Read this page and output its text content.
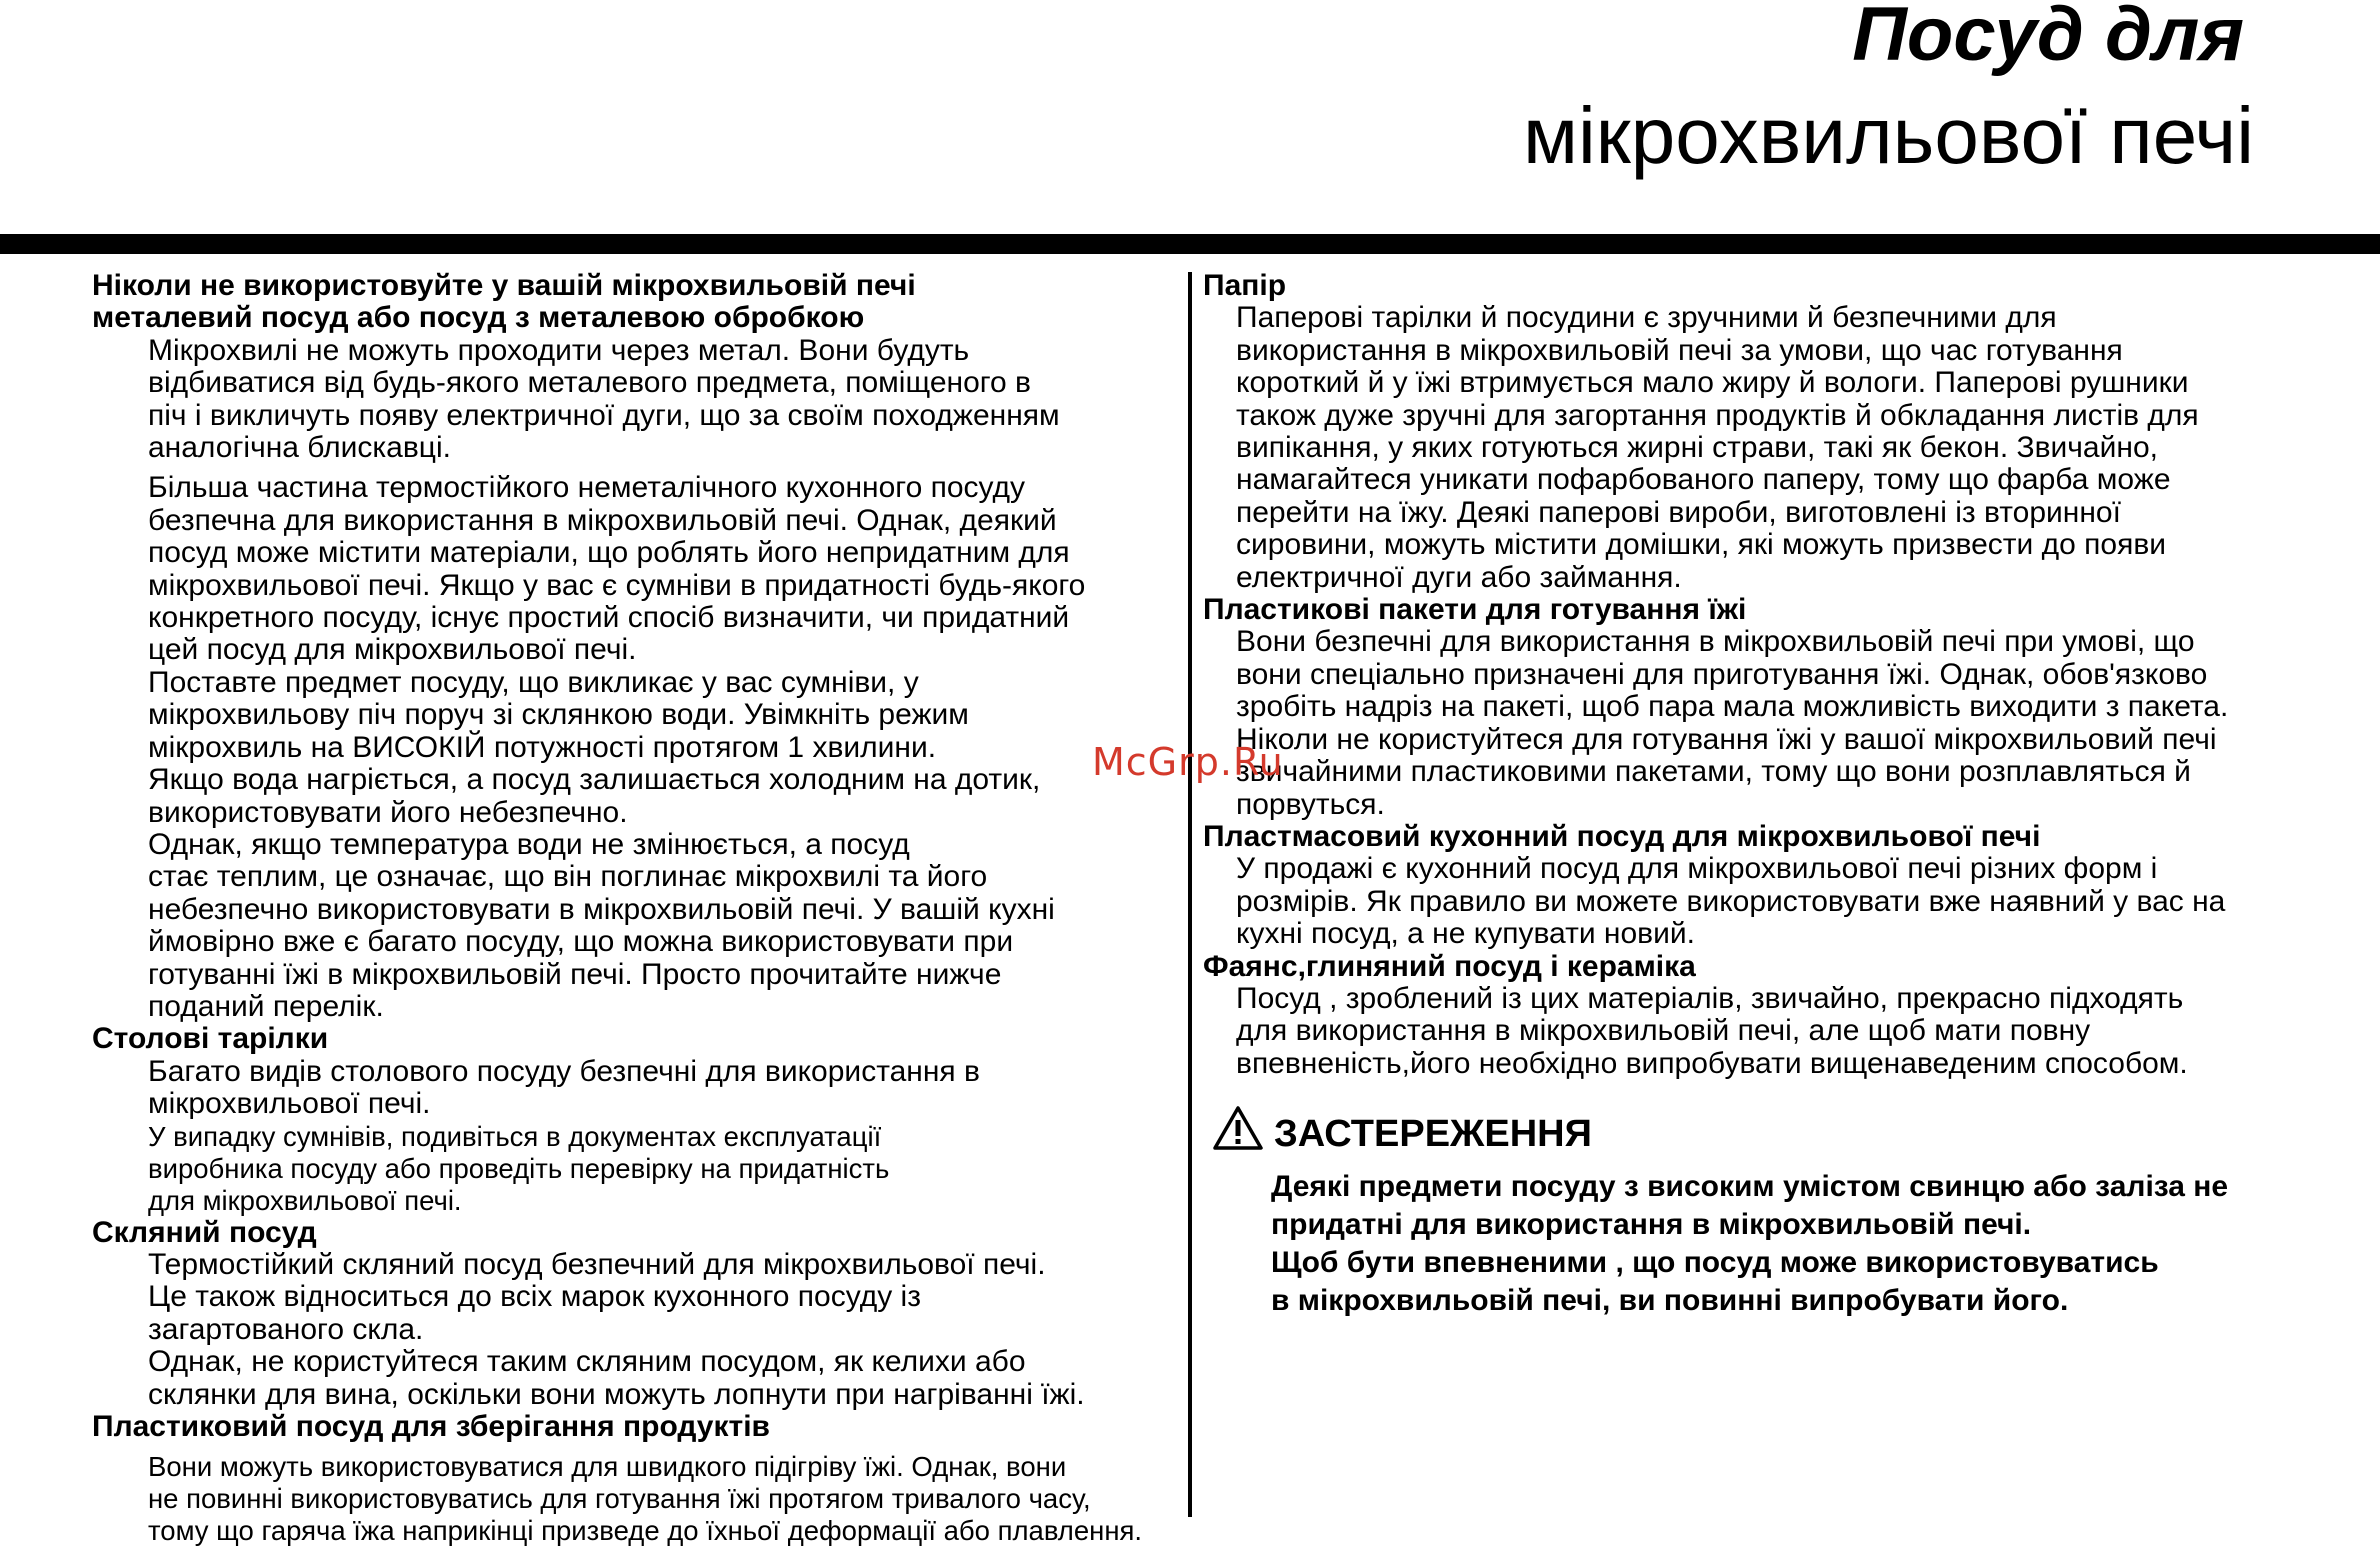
Посуд для
мікрохвильової печі
Ніколи не використовуйте у вашій мікрохвильовій печі
металевий посуд або посуд з металевою обробкою
Мікрохвилі не можуть проходити через метал. Вони будуть
відбиватися від будь-якого металевого предмета, поміщеного в
піч і викличуть появу електричної дуги, що за своїм походженням
аналогічна блискавці.
Більша частина термостійкого неметалічного кухонного посуду
безпечна для використання в мікрохвильовій печі. Однак, деякий
посуд може містити матеріали, що роблять його непридатним для
мікрохвильової печі. Якщо у вас є сумніви в придатності будь-якого
конкретного посуду, існує простий спосіб визначити, чи придатний
цей посуд для мікрохвильової печі.
Поставте предмет посуду, що викликає у вас сумніви, у
мікрохвильову піч поруч зі склянкою води. Увімкніть режим
мікрохвиль на ВИСОКІЙ потужності протягом 1 хвилини.
Якщо вода нагріється, а посуд залишається холодним на дотик,
використовувати його небезпечно.
Однак, якщо температура води не змінюється, а посуд
стає теплим, це означає, що він поглинає мікрохвилі та його
небезпечно використовувати в мікрохвильовій печі. У вашій кухні
ймовірно вже є багато посуду, що можна використовувати при
готуванні їжі в мікрохвильовій печі. Просто прочитайте нижче
поданий перелік.
Столові тарілки
Багато видів столового посуду безпечні для використання в
мікрохвильової печі.
У випадку сумнівів, подивіться в документах експлуатації
виробника посуду або проведіть перевірку на придатність
для мікрохвильової печі.
Скляний посуд
Термостійкий скляний посуд безпечний для мікрохвильової печі.
Це також відноситься до всіх марок кухонного посуду із
загартованого скла.
Однак, не користуйтеся таким скляним посудом, як келихи або
склянки для вина, оскільки вони можуть лопнути при нагріванні їжі.
Пластиковий посуд для зберігання продуктів
Вони можуть використовуватися для швидкого підігріву їжі. Однак, вони
не повинні використовуватись для готування їжі протягом тривалого часу,
тому що гаряча їжа наприкінці призведе до їхньої деформації або плавлення.
Папір
Паперові тарілки й посудини є зручними й безпечними для
використання в мікрохвильовій печі за умови, що час готування
короткий й у їжі втримується мало жиру й вологи. Паперові рушники
також дуже зручні для загортання продуктів й обкладання листів для
випікання, у яких готуються жирні страви, такі як бекон. Звичайно,
намагайтеся уникати пофарбованого паперу, тому що фарба може
перейти на їжу. Деякі паперові вироби, виготовлені із вторинної
сировини, можуть містити домішки, які можуть призвести до появи
електричної дуги або займання.
Пластикові пакети для готування їжі
Вони безпечні для використання в мікрохвильовій печі при умові, що
вони спеціально призначені для приготування їжі. Однак, обов'язково
зробіть надріз на пакеті, щоб пара мала можливість виходити з пакета.
Ніколи не користуйтеся для готування їжі у вашої мікрохвильовий печі
звичайними пластиковими пакетами, тому що вони розплавляться й
порвуться.
Пластмасовий кухонний посуд для мікрохвильової печі
У продажі є кухонний посуд для мікрохвильової печі різних форм і
розмірів. Як правило ви можете використовувати вже наявний у вас на
кухні посуд, а не купувати новий.
Фаянс,глиняний посуд і кераміка
Посуд , зроблений із цих матеріалів, звичайно, прекрасно підходять
для використання в мікрохвильовій печі, але щоб мати повну
впевненість,його необхідно випробувати вищенаведеним способом.
ЗАСТЕРЕЖЕННЯ
Деякі предмети посуду з високим умістом свинцю або заліза не
придатні для використання в мікрохвильовій печі.
Щоб бути впевненими , що посуд може використовуватись
в мікрохвильовій печі, ви повинні випробувати його.
McGrp.Ru
